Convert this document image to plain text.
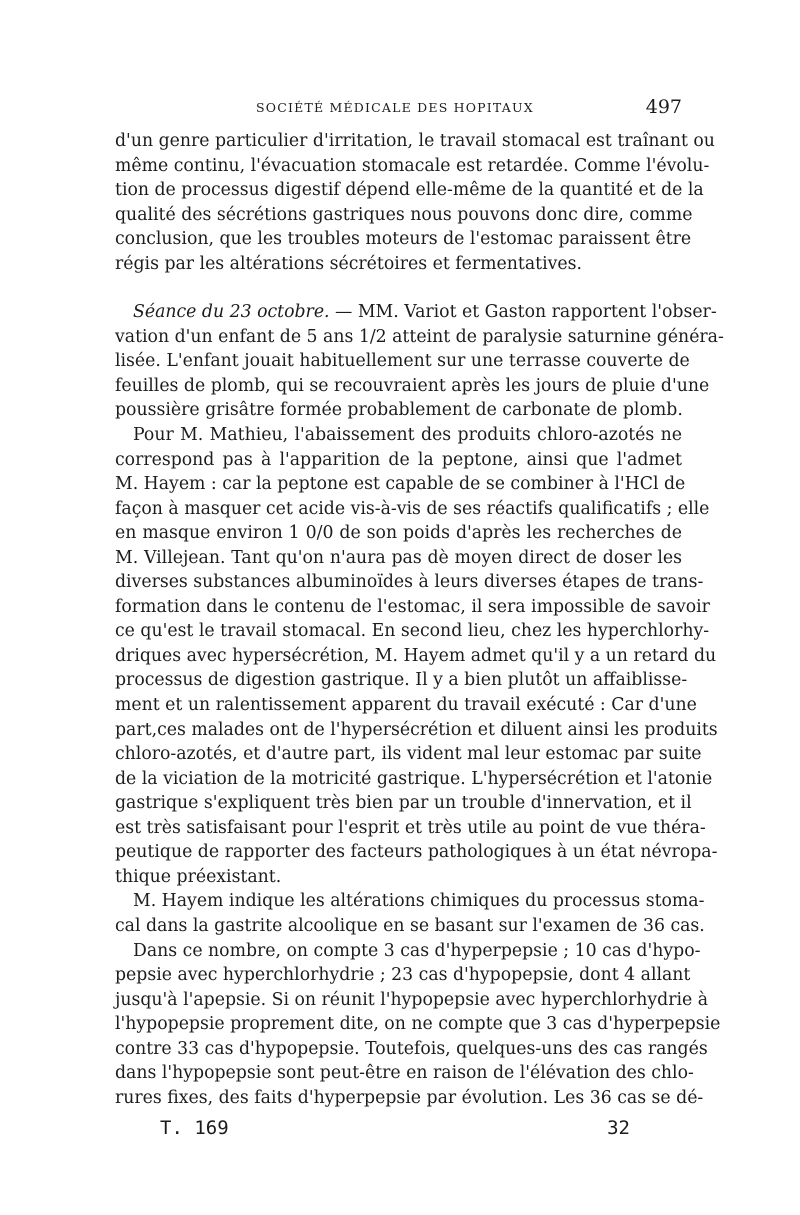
SOCIÉTÉ MÉDICALE DES HOPITAUX	497

d'un genre particulier d'irritation, le travail stomacal est traînant ou
même continu, l'évacuation stomacale est retardée. Comme l'évolu-
tion de processus digestif dépend elle-même de la quantité et de la
qualité des sécrétions gastriques nous pouvons donc dire, comme
conclusion, que les troubles moteurs de l'estomac paraissent être
régis par les altérations sécrétoires et fermentatives.

Séance du 23 octobre. — MM. Variot et Gaston rapportent l'obser-
vation d'un enfant de 5 ans 1/2 atteint de paralysie saturnine généra-
lisée. L'enfant jouait habituellement sur une terrasse couverte de
feuilles de plomb, qui se recouvraient après les jours de pluie d'une
poussière grisâtre formée probablement de carbonate de plomb.

Pour M. Mathieu, l'abaissement des produits chloro-azotés ne
correspond pas à l'apparition de la peptone, ainsi que l'admet
M. Hayem : car la peptone est capable de se combiner à l'HCl de
façon à masquer cet acide vis-à-vis de ses réactifs qualificatifs ; elle
en masque environ 1 0/0 de son poids d'après les recherches de
M. Villejean. Tant qu'on n'aura pas dè moyen direct de doser les
diverses substances albuminoïdes à leurs diverses étapes de trans-
formation dans le contenu de l'estomac, il sera impossible de savoir
ce qu'est le travail stomacal. En second lieu, chez les hyperchlorhy-
driques avec hypersécrétion, M. Hayem admet qu'il y a un retard du
processus de digestion gastrique. Il y a bien plutôt un affaiblisse-
ment et un ralentissement apparent du travail exécuté : Car d'une
part,ces malades ont de l'hypersécrétion et diluent ainsi les produits
chloro-azotés, et d'autre part, ils vident mal leur estomac par suite
de la viciation de la motricité gastrique. L'hypersécrétion et l'atonie
gastrique s'expliquent très bien par un trouble d'innervation, et il
est très satisfaisant pour l'esprit et très utile au point de vue théra-
peutique de rapporter des facteurs pathologiques à un état névropa-
thique préexistant.

M. Hayem indique les altérations chimiques du processus stoma-
cal dans la gastrite alcoolique en se basant sur l'examen de 36 cas.

Dans ce nombre, on compte 3 cas d'hyperpepsie ; 10 cas d'hypo-
pepsie avec hyperchlorhydrie ; 23 cas d'hypopepsie, dont 4 allant
jusqu'à l'apepsie. Si on réunit l'hypopepsie avec hyperchlorhydrie à
l'hypopepsie proprement dite, on ne compte que 3 cas d'hyperpepsie
contre 33 cas d'hypopepsie. Toutefois, quelques-uns des cas rangés
dans l'hypopepsie sont peut-être en raison de l'élévation des chlo-
rures fixes, des faits d'hyperpepsie par évolution. Les 36 cas se dé-

T. 169	32
